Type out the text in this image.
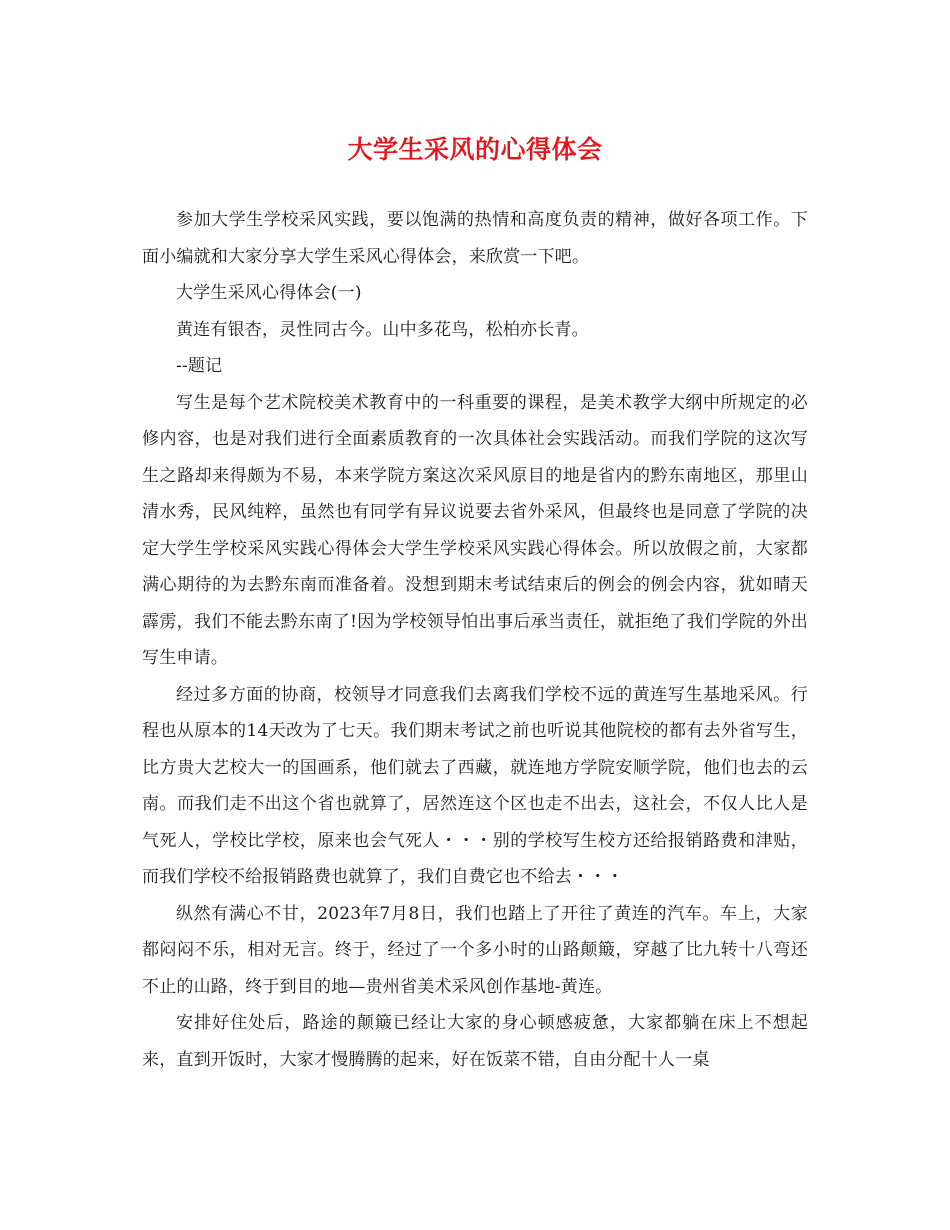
大学生采风的心得体会

参加大学生学校采风实践，要以饱满的热情和高度负责的精神，做好各项工作。下面小编就和大家分享大学生采风心得体会，来欣赏一下吧。

大学生采风心得体会(一)

黄连有银杏，灵性同古今。山中多花鸟，松柏亦长青。

--题记

写生是每个艺术院校美术教育中的一科重要的课程，是美术教学大纲中所规定的必修内容，也是对我们进行全面素质教育的一次具体社会实践活动。而我们学院的这次写生之路却来得颇为不易，本来学院方案这次采风原目的地是省内的黔东南地区，那里山清水秀，民风纯粹，虽然也有同学有异议说要去省外采风，但最终也是同意了学院的决定大学生学校采风实践心得体会大学生学校采风实践心得体会。所以放假之前，大家都满心期待的为去黔东南而准备着。没想到期末考试结束后的例会的例会内容，犹如晴天霹雳，我们不能去黔东南了!因为学校领导怕出事后承当责任，就拒绝了我们学院的外出写生申请。

经过多方面的协商，校领导才同意我们去离我们学校不远的黄连写生基地采风。行程也从原本的14天改为了七天。我们期末考试之前也听说其他院校的都有去外省写生，比方贵大艺校大一的国画系，他们就去了西藏，就连地方学院安顺学院，他们也去的云南。而我们走不出这个省也就算了，居然连这个区也走不出去，这社会，不仅人比人是气死人，学校比学校，原来也会气死人・・・别的学校写生校方还给报销路费和津贴，而我们学校不给报销路费也就算了，我们自费它也不给去・・・

纵然有满心不甘，2023年7月8日，我们也踏上了开往了黄连的汽车。车上，大家都闷闷不乐，相对无言。终于，经过了一个多小时的山路颠簸，穿越了比九转十八弯还不止的山路，终于到目的地—贵州省美术采风创作基地-黄连。

安排好住处后，路途的颠簸已经让大家的身心顿感疲惫，大家都躺在床上不想起来，直到开饭时，大家才慢腾腾的起来，好在饭菜不错，自由分配十人一桌
